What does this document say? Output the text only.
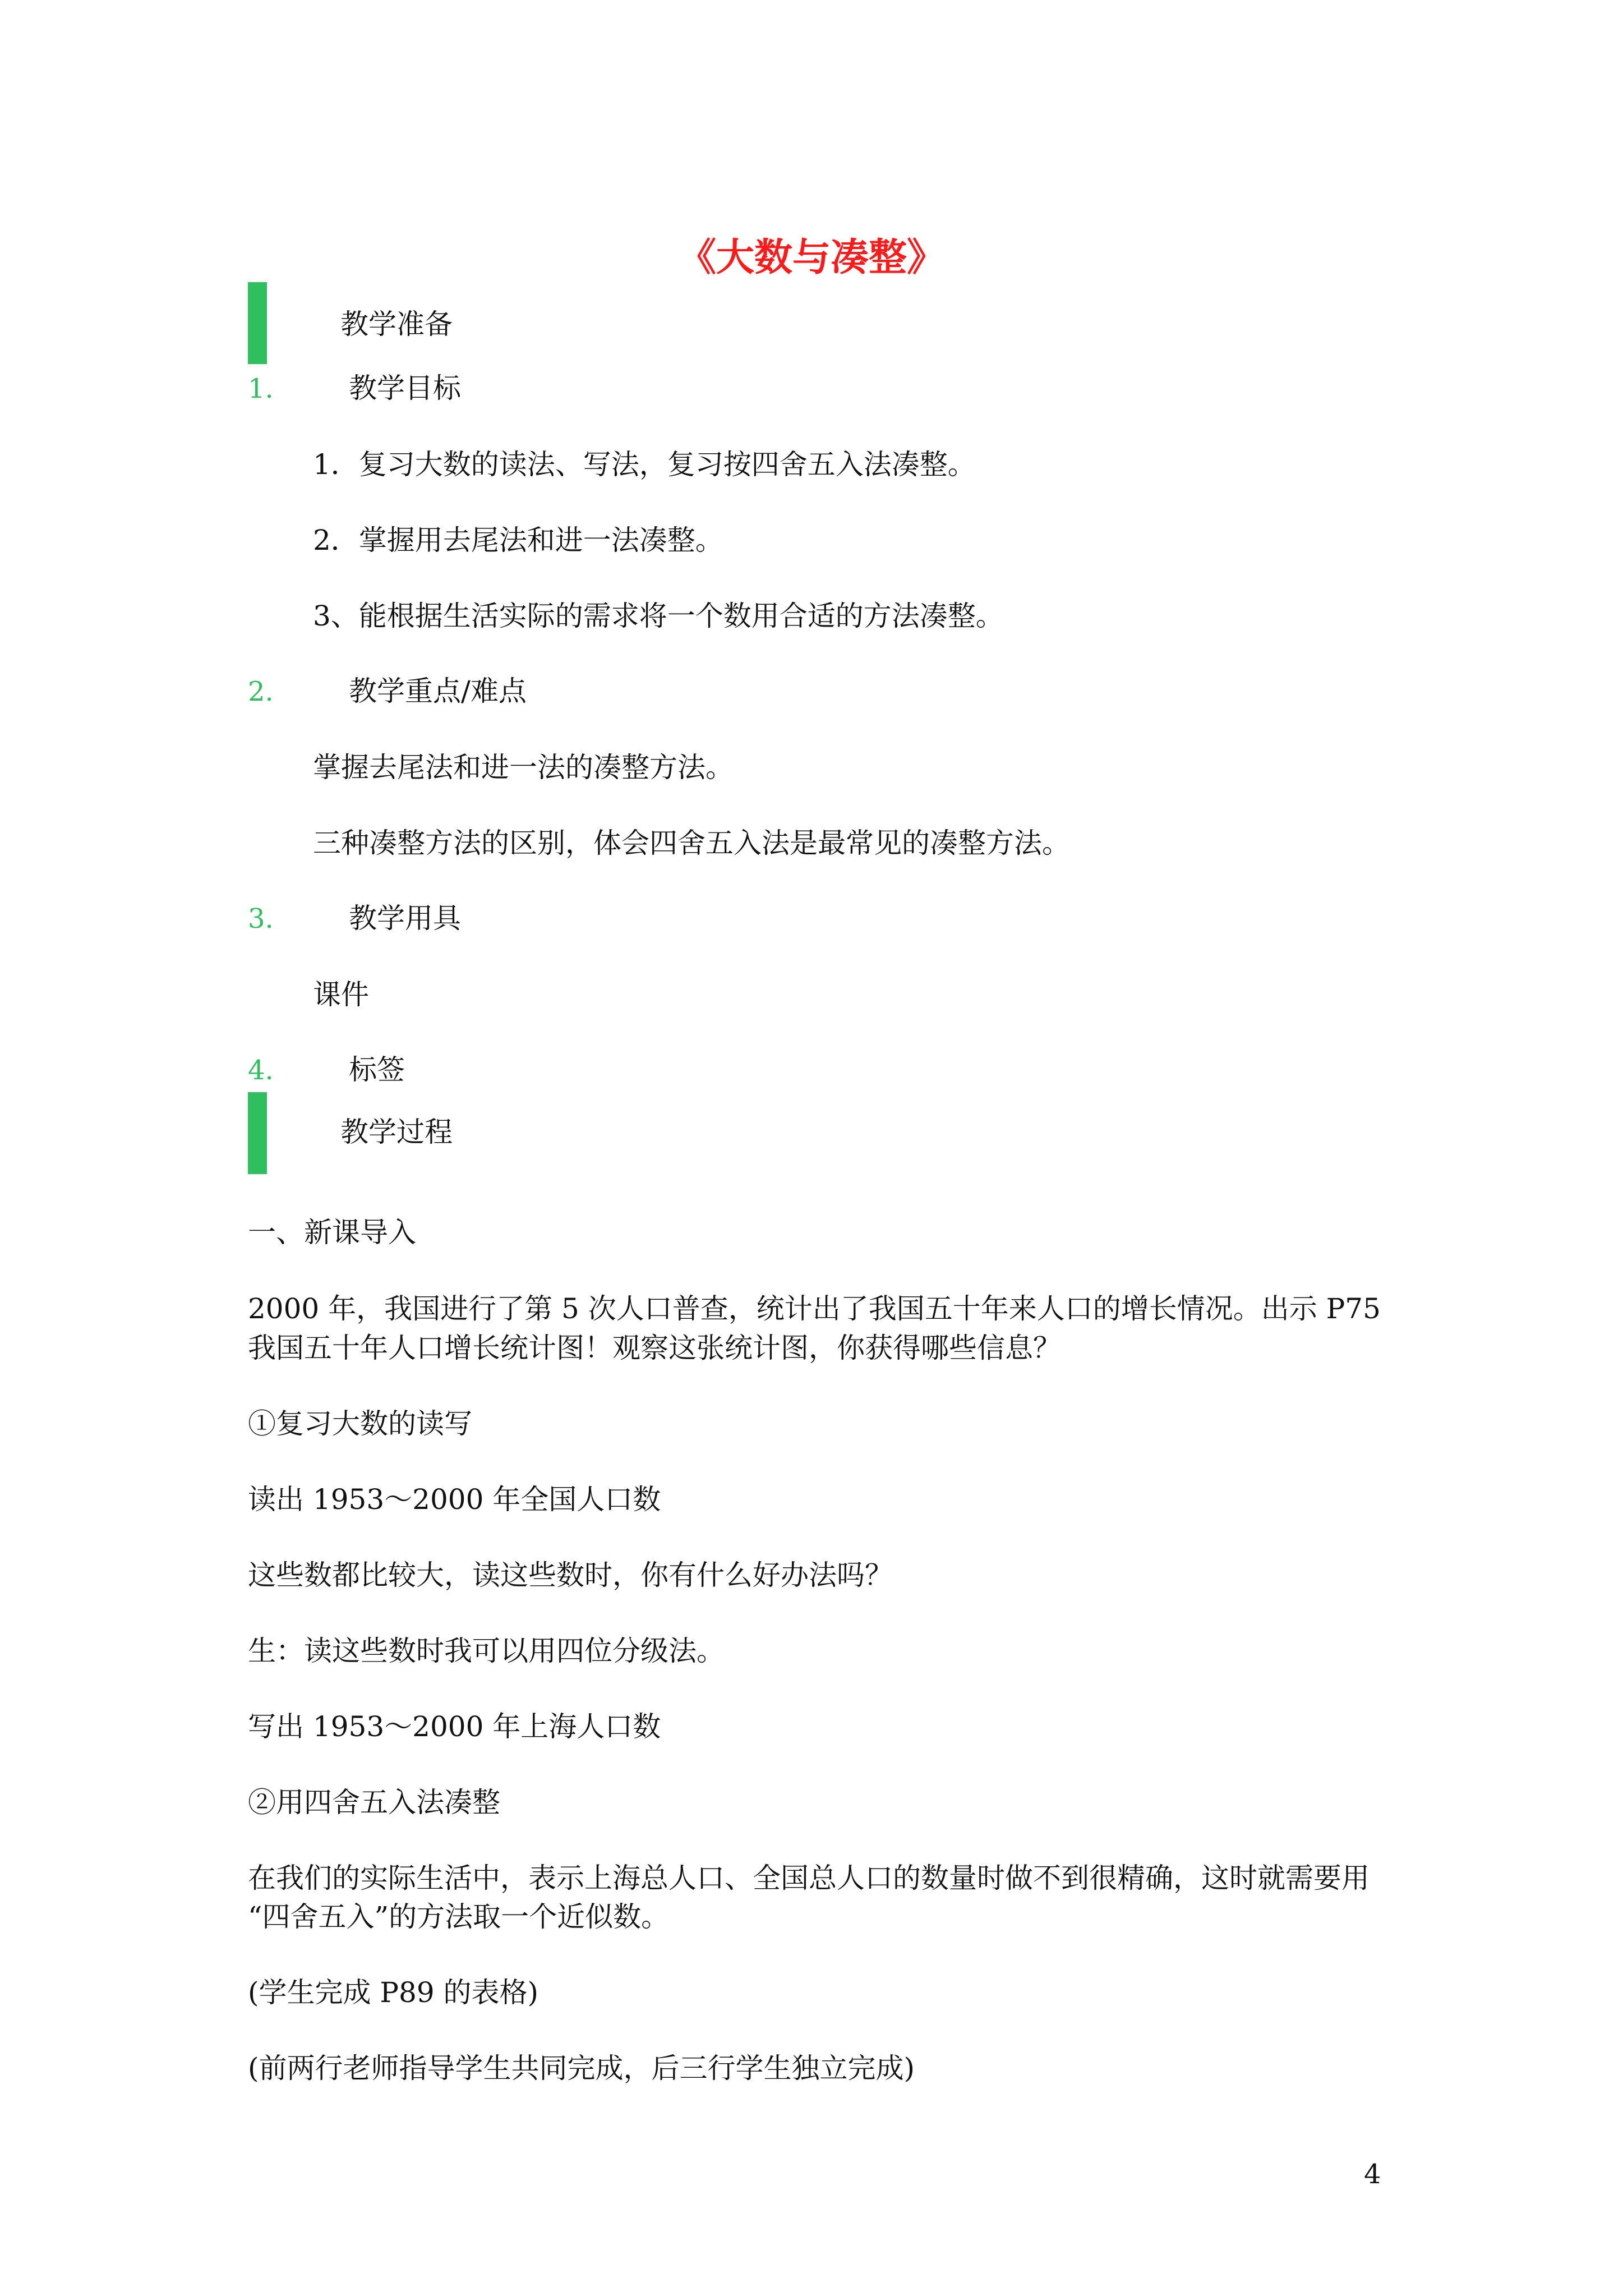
《大数与凑整》
教学准备
1.	教学目标
1．复习大数的读法、写法，复习按四舍五入法凑整。
2．掌握用去尾法和进一法凑整。
3、能根据生活实际的需求将一个数用合适的方法凑整。
2.	教学重点/难点
掌握去尾法和进一法的凑整方法。
三种凑整方法的区别，体会四舍五入法是最常见的凑整方法。
3.	教学用具
课件
4.	标签
教学过程
一、新课导入
2000 年，我国进行了第 5 次人口普查，统计出了我国五十年来人口的增长情况。出示 P75
我国五十年人口增长统计图！观察这张统计图，你获得哪些信息？
①复习大数的读写
读出 1953～2000 年全国人口数
这些数都比较大，读这些数时，你有什么好办法吗？
生：读这些数时我可以用四位分级法。
写出 1953～2000 年上海人口数
②用四舍五入法凑整
在我们的实际生活中，表示上海总人口、全国总人口的数量时做不到很精确，这时就需要用
“四舍五入”的方法取一个近似数。
(学生完成 P89 的表格)
(前两行老师指导学生共同完成，后三行学生独立完成)
4
